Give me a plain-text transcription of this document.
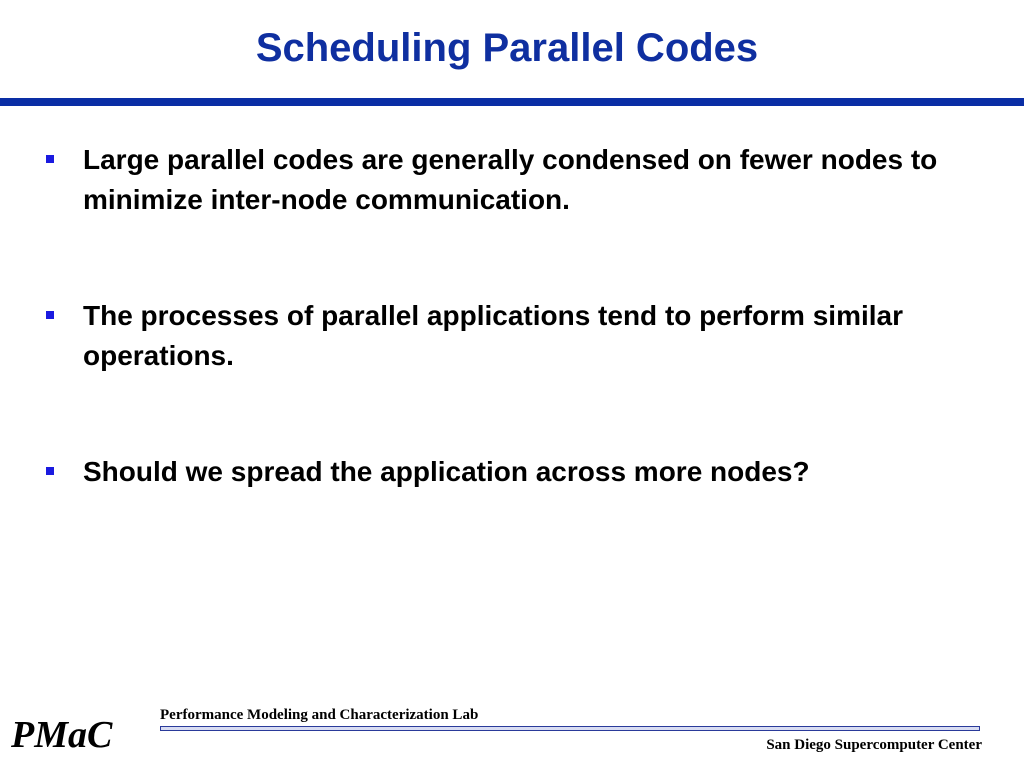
Scheduling Parallel Codes
Large parallel codes are generally condensed on fewer nodes to minimize inter-node communication.
The processes of parallel applications tend to perform similar operations.
Should we spread the application across more nodes?
PMaC	Performance Modeling and Characterization Lab
San Diego Supercomputer Center
